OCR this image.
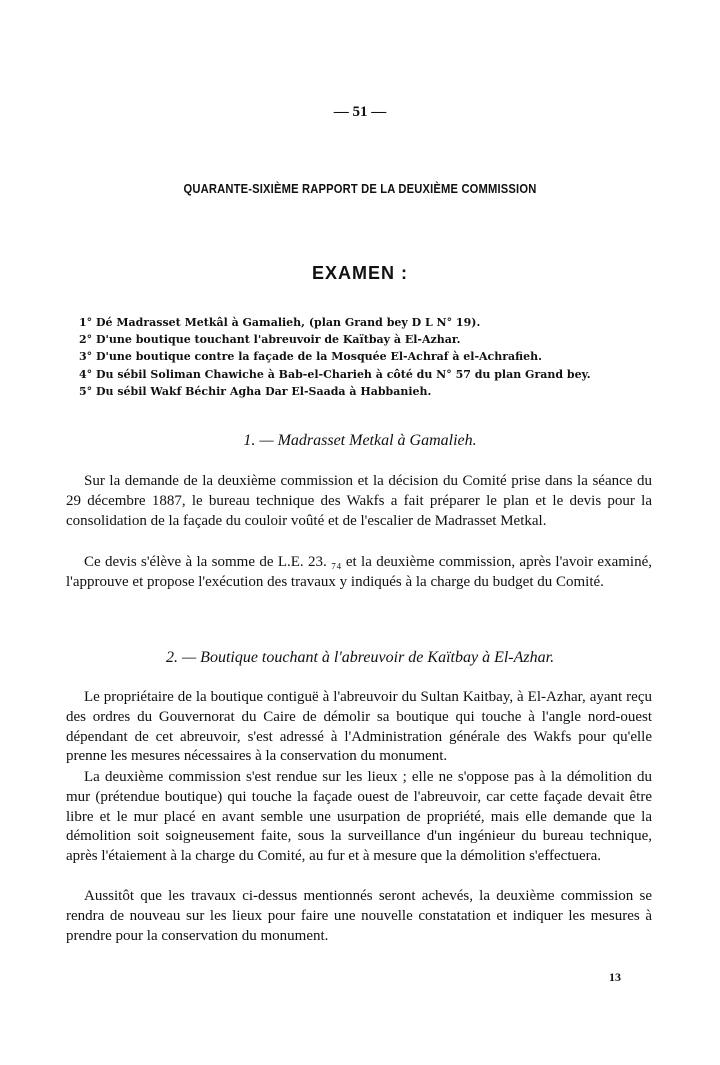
— 51 —
QUARANTE-SIXIÈME RAPPORT DE LA DEUXIÈME COMMISSION
EXAMEN :
1° Dé Madrasset Metkâl à Gamalieh, (plan Grand bey D L N° 19).
2° D'une boutique touchant l'abreuvoir de Kaïtbay à El-Azhar.
3° D'une boutique contre la façade de la Mosquée El-Achraf à el-Achrafieh.
4° Du sébil Soliman Chawiche à Bab-el-Charieh à côté du N° 57 du plan Grand bey.
5° Du sébil Wakf Béchir Agha Dar El-Saada à Habbanieh.
1. — Madrasset Metkal à Gamalieh.

Sur la demande de la deuxième commission et la décision du Comité prise dans la séance du 29 décembre 1887, le bureau technique des Wakfs a fait préparer le plan et le devis pour la consolidation de la façade du couloir voûté et de l'escalier de Madrasset Metkal.

Ce devis s'élève à la somme de L.E. 23. ₇₄ et la deuxième commission, après l'avoir examiné, l'approuve et propose l'exécution des travaux y indiqués à la charge du budget du Comité.

2. — Boutique touchant à l'abreuvoir de Kaïtbay à El-Azhar.

Le propriétaire de la boutique contiguë à l'abreuvoir du Sultan Kaitbay, à El-Azhar, ayant reçu des ordres du Gouvernorat du Caire de démolir sa boutique qui touche à l'angle nord-ouest dépendant de cet abreuvoir, s'est adressé à l'Administration générale des Wakfs pour qu'elle prenne les mesures nécessaires à la conservation du monument.

La deuxième commission s'est rendue sur les lieux ; elle ne s'oppose pas à la démolition du mur (prétendue boutique) qui touche la façade ouest de l'abreuvoir, car cette façade devait être libre et le mur placé en avant semble une usurpation de propriété, mais elle demande que la démolition soit soigneusement faite, sous la surveillance d'un ingénieur du bureau technique, après l'étaiement à la charge du Comité, au fur et à mesure que la démolition s'effectuera.

Aussitôt que les travaux ci-dessus mentionnés seront achevés, la deuxième commission se rendra de nouveau sur les lieux pour faire une nouvelle constatation et indiquer les mesures à prendre pour la conservation du monument.

13
